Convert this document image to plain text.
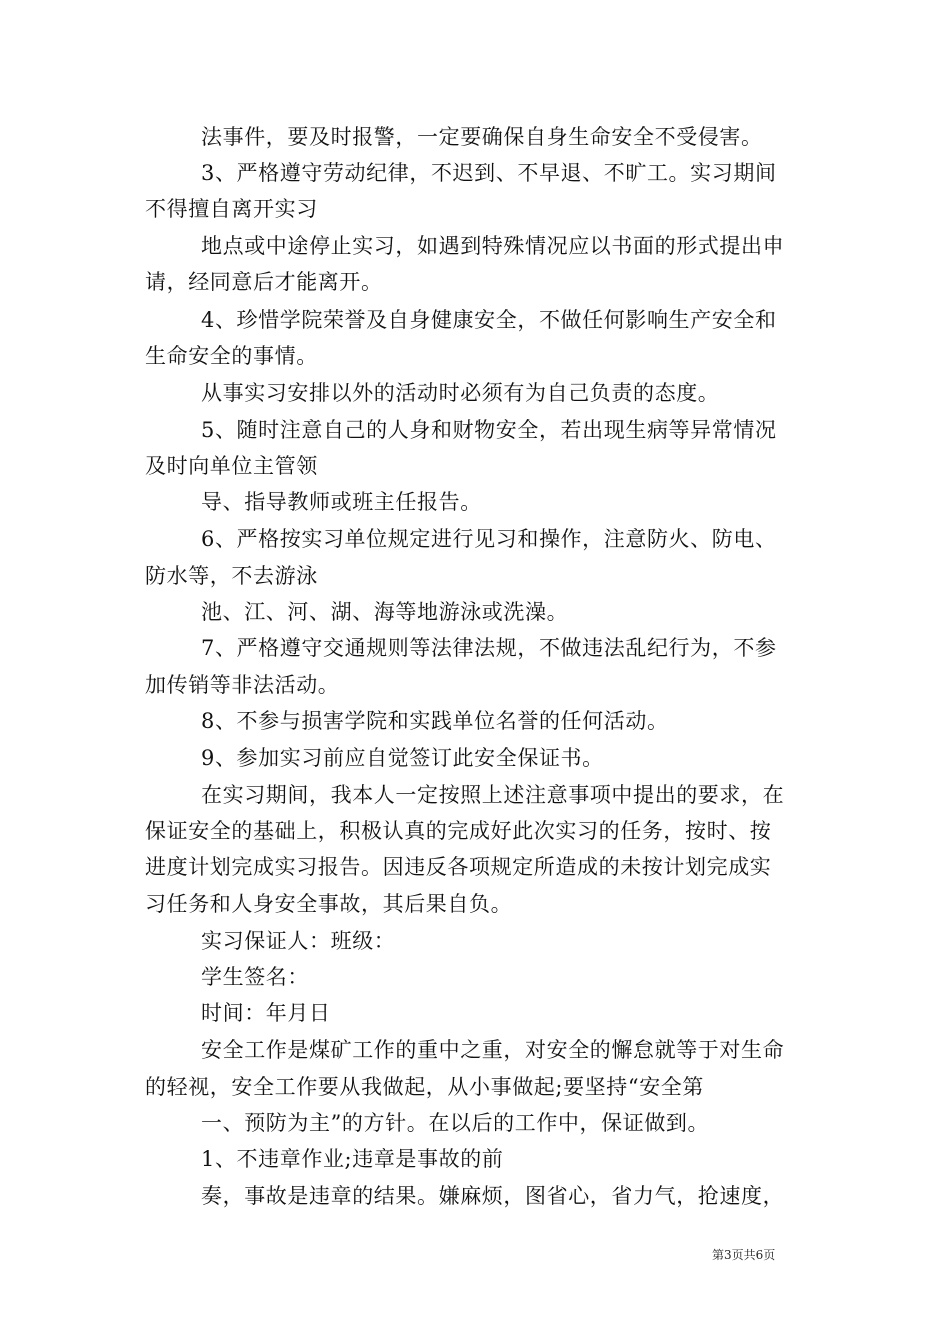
法事件，要及时报警，一定要确保自身生命安全不受侵害。
3、严格遵守劳动纪律，不迟到、不早退、不旷工。实习期间
不得擅自离开实习
地点或中途停止实习，如遇到特殊情况应以书面的形式提出申
请，经同意后才能离开。
4、珍惜学院荣誉及自身健康安全，不做任何影响生产安全和
生命安全的事情。
从事实习安排以外的活动时必须有为自己负责的态度。
5、随时注意自己的人身和财物安全，若出现生病等异常情况
及时向单位主管领
导、指导教师或班主任报告。
6、严格按实习单位规定进行见习和操作，注意防火、防电、
防水等，不去游泳
池、江、河、湖、海等地游泳或洗澡。
7、严格遵守交通规则等法律法规，不做违法乱纪行为，不参
加传销等非法活动。
8、不参与损害学院和实践单位名誉的任何活动。
9、参加实习前应自觉签订此安全保证书。
在实习期间，我本人一定按照上述注意事项中提出的要求，在
保证安全的基础上，积极认真的完成好此次实习的任务，按时、按
进度计划完成实习报告。因违反各项规定所造成的未按计划完成实
习任务和人身安全事故，其后果自负。
实习保证人：班级：
学生签名：
时间：年月日
安全工作是煤矿工作的重中之重，对安全的懈怠就等于对生命
的轻视，安全工作要从我做起，从小事做起;要坚持“安全第
一、预防为主”的方针。在以后的工作中，保证做到。
1、不违章作业;违章是事故的前
奏，事故是违章的结果。嫌麻烦，图省心，省力气，抢速度，
第3页共6页
